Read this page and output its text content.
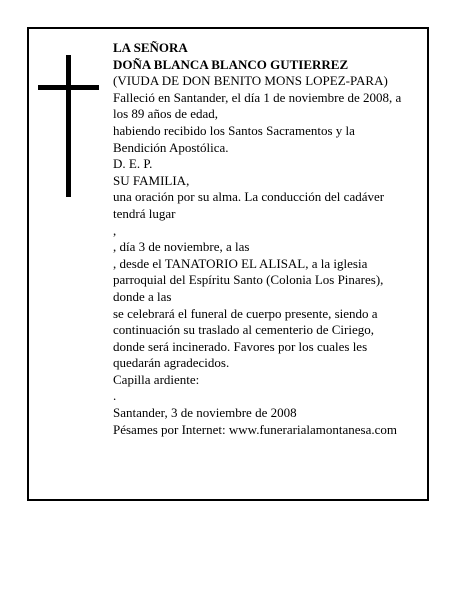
LA SEÑORA
DOÑA BLANCA BLANCO GUTIERREZ
(VIUDA DE DON BENITO MONS LOPEZ-PARA)
Falleció en Santander, el día 1 de noviembre de 2008, a
los 89 años de edad,
habiendo recibido los Santos Sacramentos y la
Bendición Apostólica.
D. E. P.
SU FAMILIA,
una oración por su alma. La conducción del cadáver
tendrá lugar
,
, día 3 de noviembre, a las
, desde el TANATORIO EL ALISAL, a la iglesia
parroquial del Espíritu Santo (Colonia Los Pinares),
donde a las
se celebrará el funeral de cuerpo presente, siendo a
continuación su traslado al cementerio de Ciriego,
donde será incinerado. Favores por los cuales les
quedarán agradecidos.
Capilla ardiente:
.
Santander, 3 de noviembre de 2008
Pésames por Internet: www.funerarialamontanesa.com
